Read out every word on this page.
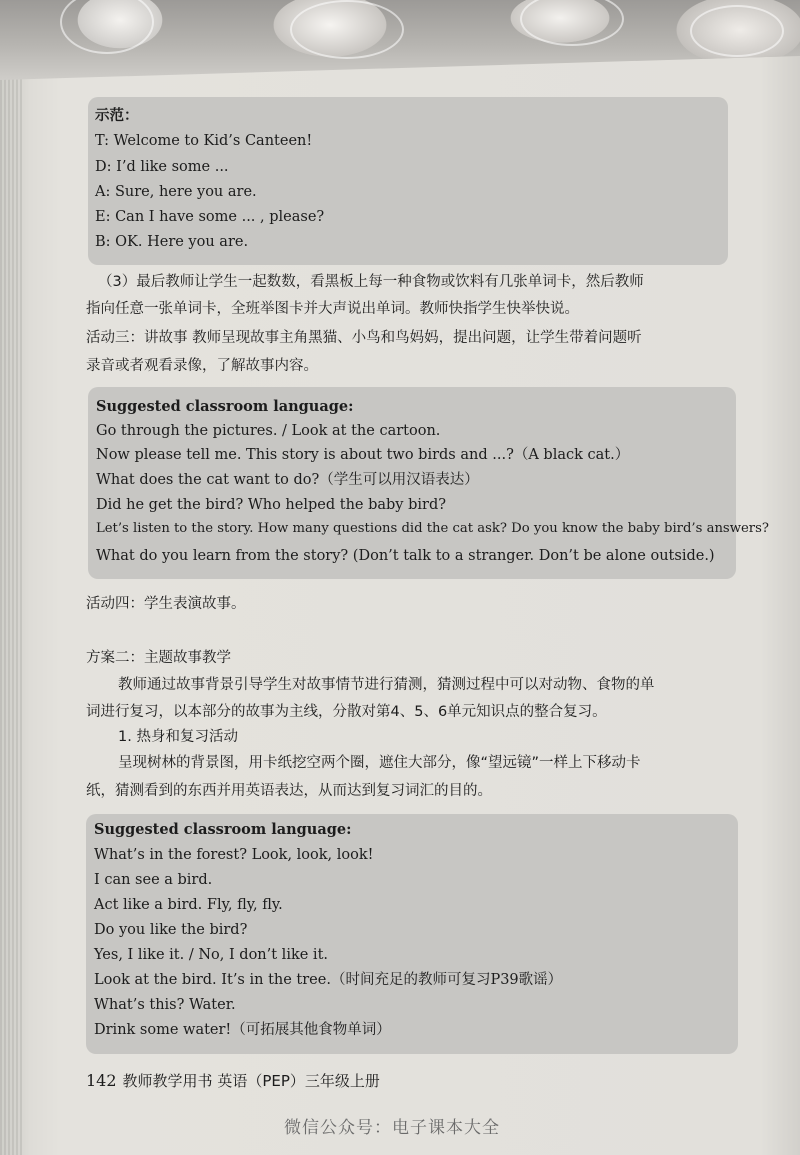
示范：
T: Welcome to Kid’s Canteen!
D: I’d like some ...
A: Sure, here you are.
E: Can I have some ... , please?
B: OK. Here you are.
（3）最后教师让学生一起数数，看黑板上每一种食物或饮料有几张单词卡，然后教师
指向任意一张单词卡，全班举图卡并大声说出单词。教师快指学生快举快说。
活动三：讲故事 教师呈现故事主角黑猫、小鸟和鸟妈妈，提出问题，让学生带着问题听
录音或者观看录像，了解故事内容。
Suggested classroom language:
Go through the pictures. / Look at the cartoon.
Now please tell me. This story is about two birds and ...?（A black cat.）
What does the cat want to do?（学生可以用汉语表达）
Did he get the bird? Who helped the baby bird?
Let’s listen to the story. How many questions did the cat ask? Do you know the baby bird’s answers?
What do you learn from the story? (Don’t talk to a stranger. Don’t be alone outside.)
活动四：学生表演故事。
方案二：主题故事教学
教师通过故事背景引导学生对故事情节进行猜测，猜测过程中可以对动物、食物的单
词进行复习，以本部分的故事为主线，分散对第4、5、6单元知识点的整合复习。
1. 热身和复习活动
呈现树林的背景图，用卡纸挖空两个圈，遮住大部分，像“望远镜”一样上下移动卡
纸，猜测看到的东西并用英语表达，从而达到复习词汇的目的。
Suggested classroom language:
What’s in the forest? Look, look, look!
I can see a bird.
Act like a bird. Fly, fly, fly.
Do you like the bird?
Yes, I like it. / No, I don’t like it.
Look at the bird. It’s in the tree.（时间充足的教师可复习P39歌谣）
What’s this? Water.
Drink some water!（可拓展其他食物单词）
142 教师教学用书 英语（PEP）三年级上册
微信公众号：电子课本大全
